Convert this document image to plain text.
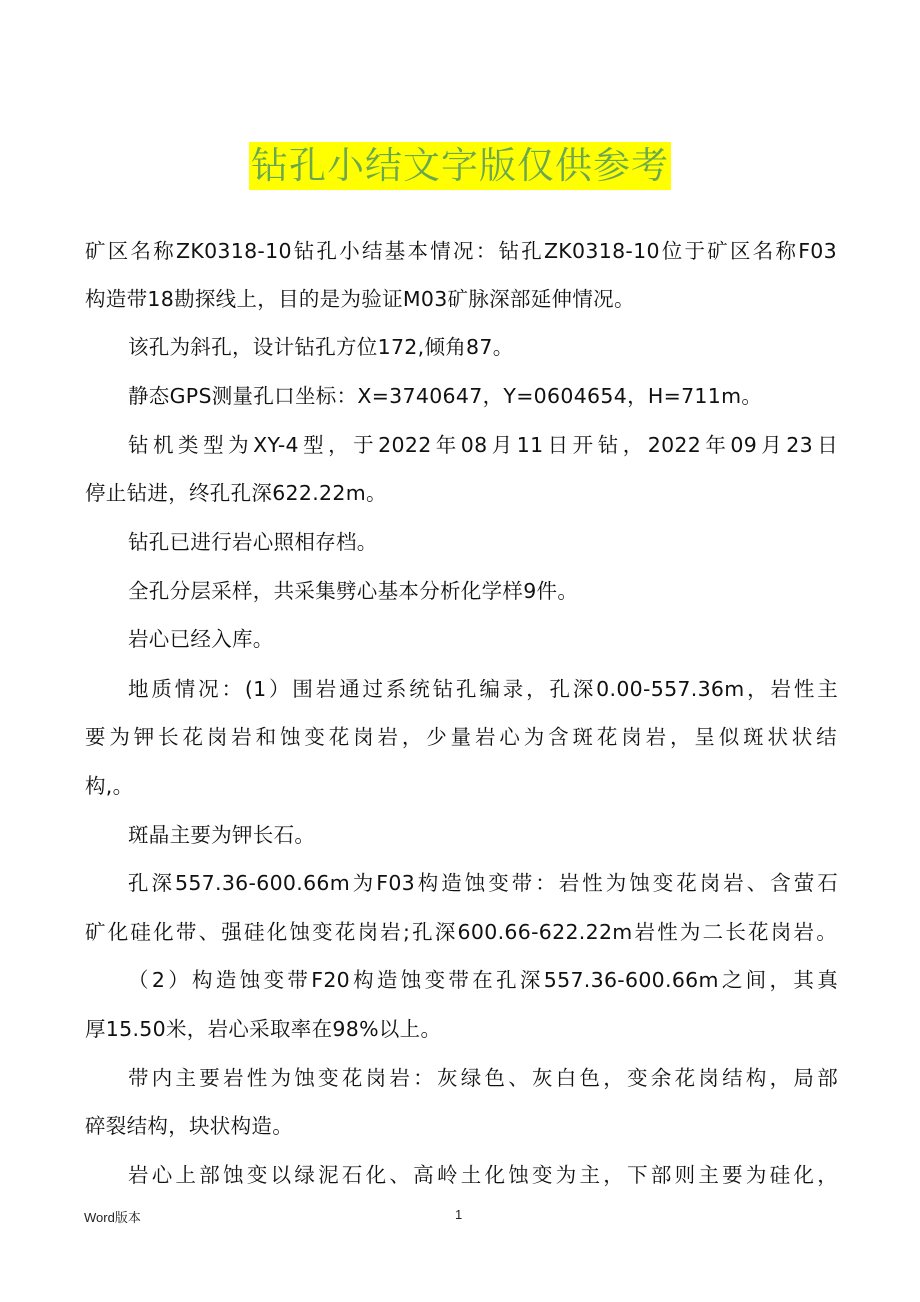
钻孔小结文字版仅供参考
矿区名称ZK0318-10钻孔小结基本情况：钻孔ZK0318-10位于矿区名称F03
构造带18勘探线上，目的是为验证M03矿脉深部延伸情况。
该孔为斜孔，设计钻孔方位172,倾角87。
静态GPS测量孔口坐标：X=3740647，Y=0604654，H=711m。
钻机类型为XY-4型，于2022年08月11日开钻，2022年09月23日
停止钻进，终孔孔深622.22m。
钻孔已进行岩心照相存档。
全孔分层采样，共采集劈心基本分析化学样9件。
岩心已经入库。
地质情况：(1）围岩通过系统钻孔编录，孔深0.00-557.36m，岩性主
要为钾长花岗岩和蚀变花岗岩，少量岩心为含斑花岗岩，呈似斑状状结
构,。
斑晶主要为钾长石。
孔深557.36-600.66m为F03构造蚀变带：岩性为蚀变花岗岩、含萤石
矿化硅化带、强硅化蚀变花岗岩;孔深600.66-622.22m岩性为二长花岗岩。
（2）构造蚀变带F20构造蚀变带在孔深557.36-600.66m之间，其真
厚15.50米，岩心采取率在98%以上。
带内主要岩性为蚀变花岗岩：灰绿色、灰白色，变余花岗结构，局部
碎裂结构，块状构造。
岩心上部蚀变以绿泥石化、高岭土化蚀变为主，下部则主要为硅化，
Word版本	1
